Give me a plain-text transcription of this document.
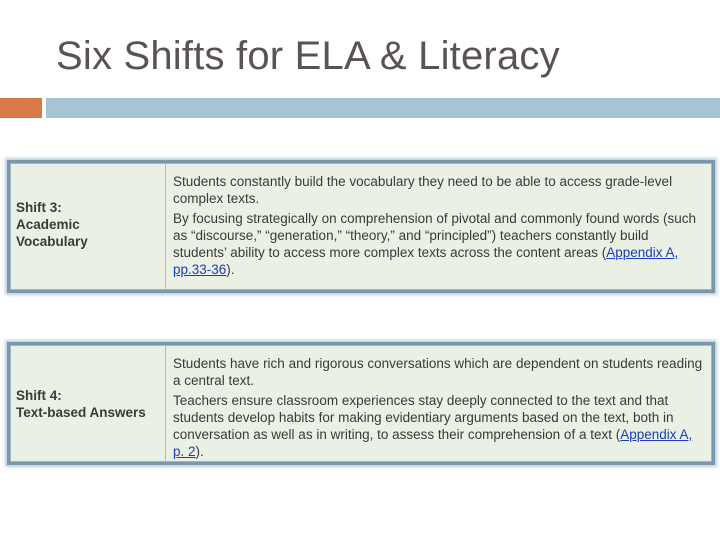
Six Shifts for ELA & Literacy
Shift 3:
Academic
Vocabulary

Students constantly build the vocabulary they need to be able to access grade-level complex texts.

By focusing strategically on comprehension of pivotal and commonly found words (such as “discourse,” “generation,” “theory,” and “principled”) teachers constantly build students’ ability to access more complex texts across the content areas (Appendix A, pp.33-36).

Shift 4:
Text-based Answers

Students have rich and rigorous conversations which are dependent on students reading a central text.

Teachers ensure classroom experiences stay deeply connected to the text and that students develop habits for making evidentiary arguments based on the text, both in conversation as well as in writing, to assess their comprehension of a text (Appendix A, p. 2).
